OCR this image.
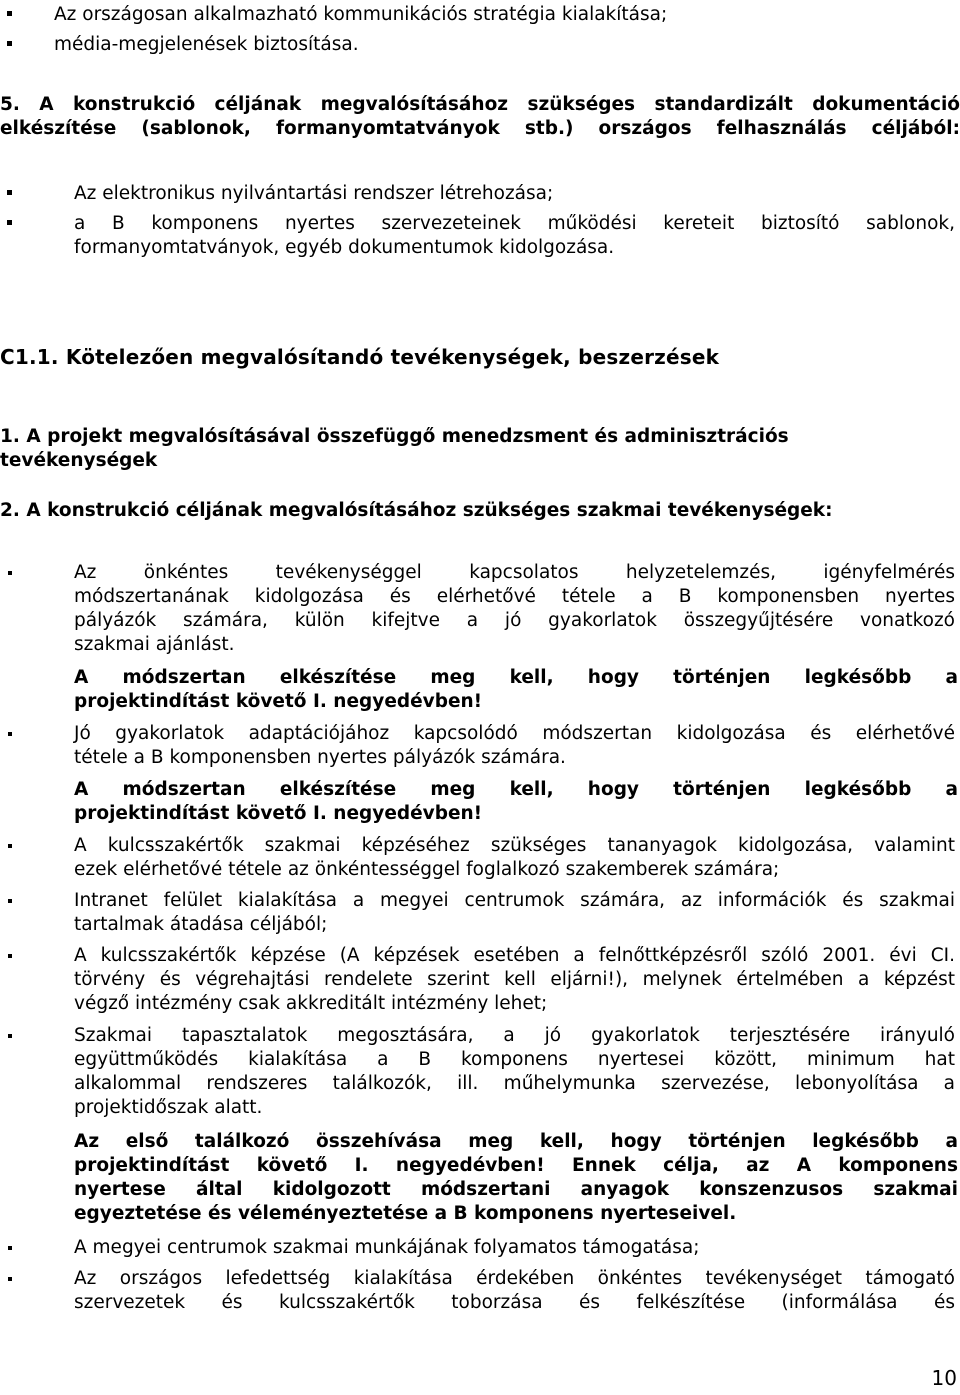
Az országosan alkalmazható kommunikációs stratégia kialakítása;
média-megjelenések biztosítása.
5. A konstrukció céljának megvalósításához szükséges standardizált dokumentáció
elkészítése (sablonok, formanyomtatványok stb.) országos felhasználás céljából:
Az elektronikus nyilvántartási rendszer létrehozása;
a B komponens nyertes szervezeteinek működési kereteit biztosító sablonok,
formanyomtatványok, egyéb dokumentumok kidolgozása.
C1.1. Kötelezően megvalósítandó tevékenységek, beszerzések
1. A projekt megvalósításával összefüggő menedzsment és adminisztrációs
tevékenységek
2. A konstrukció céljának megvalósításához szükséges szakmai tevékenységek:
Az önkéntes tevékenységgel kapcsolatos helyzetelemzés, igényfelmérés
módszertanának kidolgozása és elérhetővé tétele a B komponensben nyertes
pályázók számára, külön kifejtve a jó gyakorlatok összegyűjtésére vonatkozó
szakmai ajánlást.
A módszertan elkészítése meg kell, hogy történjen legkésőbb a
projektindítást követő I. negyedévben!
Jó gyakorlatok adaptációjához kapcsolódó módszertan kidolgozása és elérhetővé
tétele a B komponensben nyertes pályázók számára.
A módszertan elkészítése meg kell, hogy történjen legkésőbb a
projektindítást követő I. negyedévben!
A kulcsszakértők szakmai képzéséhez szükséges tananyagok kidolgozása, valamint
ezek elérhetővé tétele az önkéntességgel foglalkozó szakemberek számára;
Intranet felület kialakítása a megyei centrumok számára, az információk és szakmai
tartalmak átadása céljából;
A kulcsszakértők képzése (A képzések esetében a felnőttképzésről szóló 2001. évi CI.
törvény és végrehajtási rendelete szerint kell eljárni!), melynek értelmében a képzést
végző intézmény csak akkreditált intézmény lehet;
Szakmai tapasztalatok megosztására, a jó gyakorlatok terjesztésére irányuló
együttműködés kialakítása a B komponens nyertesei között, minimum hat
alkalommal rendszeres találkozók, ill. műhelymunka szervezése, lebonyolítása a
projektidőszak alatt.
Az első találkozó összehívása meg kell, hogy történjen legkésőbb a
projektindítást követő I. negyedévben! Ennek célja, az A komponens
nyertese által kidolgozott módszertani anyagok konszenzusos szakmai
egyeztetése és véleményeztetése a B komponens nyerteseivel.
A megyei centrumok szakmai munkájának folyamatos támogatása;
Az országos lefedettség kialakítása érdekében önkéntes tevékenységet támogató
szervezetek és kulcsszakértők toborzása és felkészítése (informálása és
10
